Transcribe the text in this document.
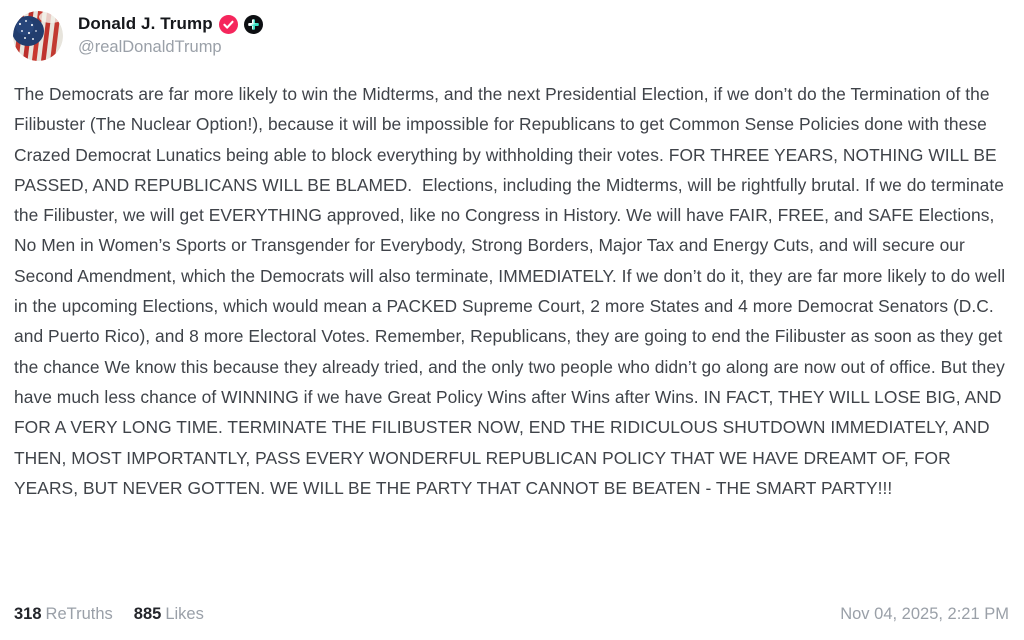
Donald J. Trump
@realDonaldTrump
The Democrats are far more likely to win the Midterms, and the next Presidential Election, if we don’t do the Termination of the Filibuster (The Nuclear Option!), because it will be impossible for Republicans to get Common Sense Policies done with these Crazed Democrat Lunatics being able to block everything by withholding their votes. FOR THREE YEARS, NOTHING WILL BE PASSED, AND REPUBLICANS WILL BE BLAMED.  Elections, including the Midterms, will be rightfully brutal. If we do terminate the Filibuster, we will get EVERYTHING approved, like no Congress in History. We will have FAIR, FREE, and SAFE Elections, No Men in Women’s Sports or Transgender for Everybody, Strong Borders, Major Tax and Energy Cuts, and will secure our Second Amendment, which the Democrats will also terminate, IMMEDIATELY. If we don’t do it, they are far more likely to do well in the upcoming Elections, which would mean a PACKED Supreme Court, 2 more States and 4 more Democrat Senators (D.C. and Puerto Rico), and 8 more Electoral Votes. Remember, Republicans, they are going to end the Filibuster as soon as they get the chance We know this because they already tried, and the only two people who didn’t go along are now out of office. But they have much less chance of WINNING if we have Great Policy Wins after Wins after Wins. IN FACT, THEY WILL LOSE BIG, AND FOR A VERY LONG TIME. TERMINATE THE FILIBUSTER NOW, END THE RIDICULOUS SHUTDOWN IMMEDIATELY, AND THEN, MOST IMPORTANTLY, PASS EVERY WONDERFUL REPUBLICAN POLICY THAT WE HAVE DREAMT OF, FOR YEARS, BUT NEVER GOTTEN. WE WILL BE THE PARTY THAT CANNOT BE BEATEN - THE SMART PARTY!!!
318 ReTruths 885 Likes	Nov 04, 2025, 2:21 PM
